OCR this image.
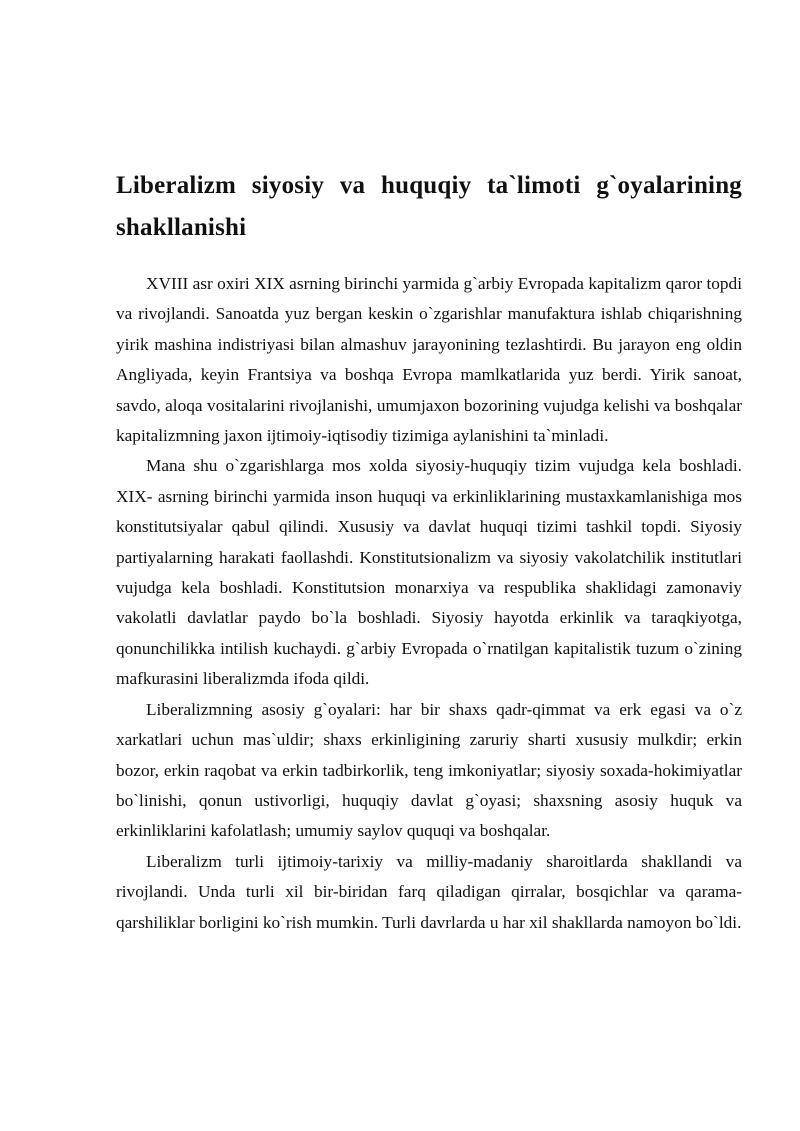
Liberalizm siyosiy va huquqiy ta`limoti g`oyalarining shakllanishi

XVIII asr oxiri XIX asrning birinchi yarmida g`arbiy Evropada kapitalizm qaror topdi va rivojlandi. Sanoatda yuz bergan keskin o`zgarishlar manufaktura ishlab chiqarishning yirik mashina indistriyasi bilan almashuv jarayonining tezlashtirdi. Bu jarayon eng oldin Angliyada, keyin Frantsiya va boshqa Evropa mamlkatlarida yuz berdi. Yirik sanoat, savdo, aloqa vositalarini rivojlanishi, umumjaxon bozorining vujudga kelishi va boshqalar kapitalizmning jaxon ijtimoiy-iqtisodiy tizimiga aylanishini ta`minladi.

Mana shu o`zgarishlarga mos xolda siyosiy-huquqiy tizim vujudga kela boshladi. XIX- asrning birinchi yarmida inson huquqi va erkinliklarining mustaxkamlanishiga mos konstitutsiyalar qabul qilindi. Xususiy va davlat huquqi tizimi tashkil topdi. Siyosiy partiyalarning harakati faollashdi. Konstitutsionalizm va siyosiy vakolatchilik institutlari vujudga kela boshladi. Konstitutsion monarxiya va respublika shaklidagi zamonaviy vakolatli davlatlar paydo bo`la boshladi. Siyosiy hayotda erkinlik va taraqkiyotga, qonunchilikka intilish kuchaydi. g`arbiy Evropada o`rnatilgan kapitalistik tuzum o`zining mafkurasini liberalizmda ifoda qildi.

Liberalizmning asosiy g`oyalari: har bir shaxs qadr-qimmat va erk egasi va o`z xarkatlari uchun mas`uldir; shaxs erkinligining zaruriy sharti xususiy mulkdir; erkin bozor, erkin raqobat va erkin tadbirkorlik, teng imkoniyatlar; siyosiy soxada-hokimiyatlar bo`linishi, qonun ustivorligi, huquqiy davlat g`oyasi; shaxsning asosiy huquk va erkinliklarini kafolatlash; umumiy saylov ququqi va boshqalar.

Liberalizm turli ijtimoiy-tarixiy va milliy-madaniy sharoitlarda shakllandi va rivojlandi. Unda turli xil bir-biridan farq qiladigan qirralar, bosqichlar va qarama-qarshiliklar borligini ko`rish mumkin. Turli davrlarda u har xil shakllarda namoyon bo`ldi.
